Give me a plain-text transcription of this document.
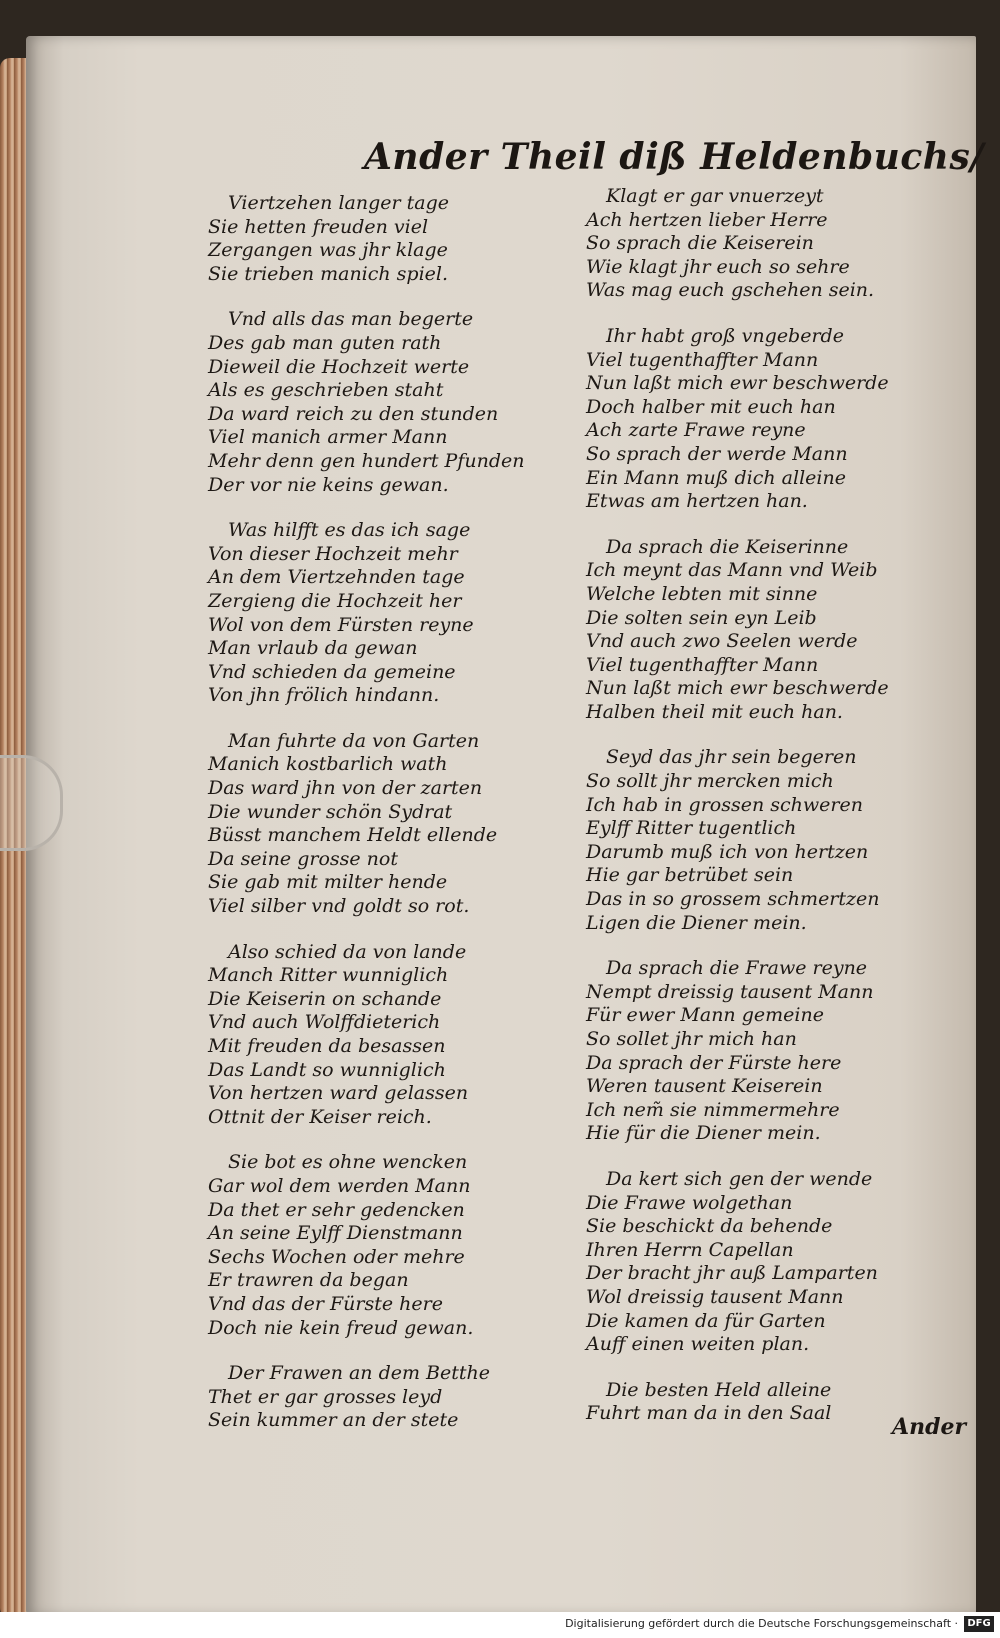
Ander Theil diß Heldenbuchs/
Viertzehen langer tage
Sie hetten freuden viel
Zergangen was jhr klage
Sie trieben manich spiel.
Vnd alls das man begerte
Des gab man guten rath
Dieweil die Hochzeit werte
Als es geschrieben staht
Da ward reich zu den stunden
Viel manich armer Mann
Mehr denn gen hundert Pfunden
Der vor nie keins gewan.
Was hilfft es das ich sage
Von dieser Hochzeit mehr
An dem Viertzehnden tage
Zergieng die Hochzeit her
Wol von dem Fürsten reyne
Man vrlaub da gewan
Vnd schieden da gemeine
Von jhn frölich hindann.
Man fuhrte da von Garten
Manich kostbarlich wath
Das ward jhn von der zarten
Die wunder schön Sydrat
Büsst manchem Heldt ellende
Da seine grosse not
Sie gab mit milter hende
Viel silber vnd goldt so rot.
Also schied da von lande
Manch Ritter wunniglich
Die Keiserin on schande
Vnd auch Wolffdieterich
Mit freuden da besassen
Das Landt so wunniglich
Von hertzen ward gelassen
Ottnit der Keiser reich.
Sie bot es ohne wencken
Gar wol dem werden Mann
Da thet er sehr gedencken
An seine Eylff Dienstmann
Sechs Wochen oder mehre
Er trawren da began
Vnd das der Fürste here
Doch nie kein freud gewan.
Der Frawen an dem Betthe
Thet er gar grosses leyd
Sein kummer an der stete
Klagt er gar vnuerzeyt
Ach hertzen lieber Herre
So sprach die Keiserein
Wie klagt jhr euch so sehre
Was mag euch gschehen sein.
Ihr habt groß vngeberde
Viel tugenthaffter Mann
Nun laßt mich ewr beschwerde
Doch halber mit euch han
Ach zarte Frawe reyne
So sprach der werde Mann
Ein Mann muß dich alleine
Etwas am hertzen han.
Da sprach die Keiserinne
Ich meynt das Mann vnd Weib
Welche lebten mit sinne
Die solten sein eyn Leib
Vnd auch zwo Seelen werde
Viel tugenthaffter Mann
Nun laßt mich ewr beschwerde
Halben theil mit euch han.
Seyd das jhr sein begeren
So sollt jhr mercken mich
Ich hab in grossen schweren
Eylff Ritter tugentlich
Darumb muß ich von hertzen
Hie gar betrübet sein
Das in so grossem schmertzen
Ligen die Diener mein.
Da sprach die Frawe reyne
Nempt dreissig tausent Mann
Für ewer Mann gemeine
So sollet jhr mich han
Da sprach der Fürste here
Weren tausent Keiserein
Ich nem̃ sie nimmermehre
Hie für die Diener mein.
Da kert sich gen der wende
Die Frawe wolgethan
Sie beschickt da behende
Ihren Herrn Capellan
Der bracht jhr auß Lamparten
Wol dreissig tausent Mann
Die kamen da für Garten
Auff einen weiten plan.
Die besten Held alleine
Fuhrt man da in den Saal
Ander
Digitalisierung gefördert durch die Deutsche Forschungsgemeinschaft · DFG
